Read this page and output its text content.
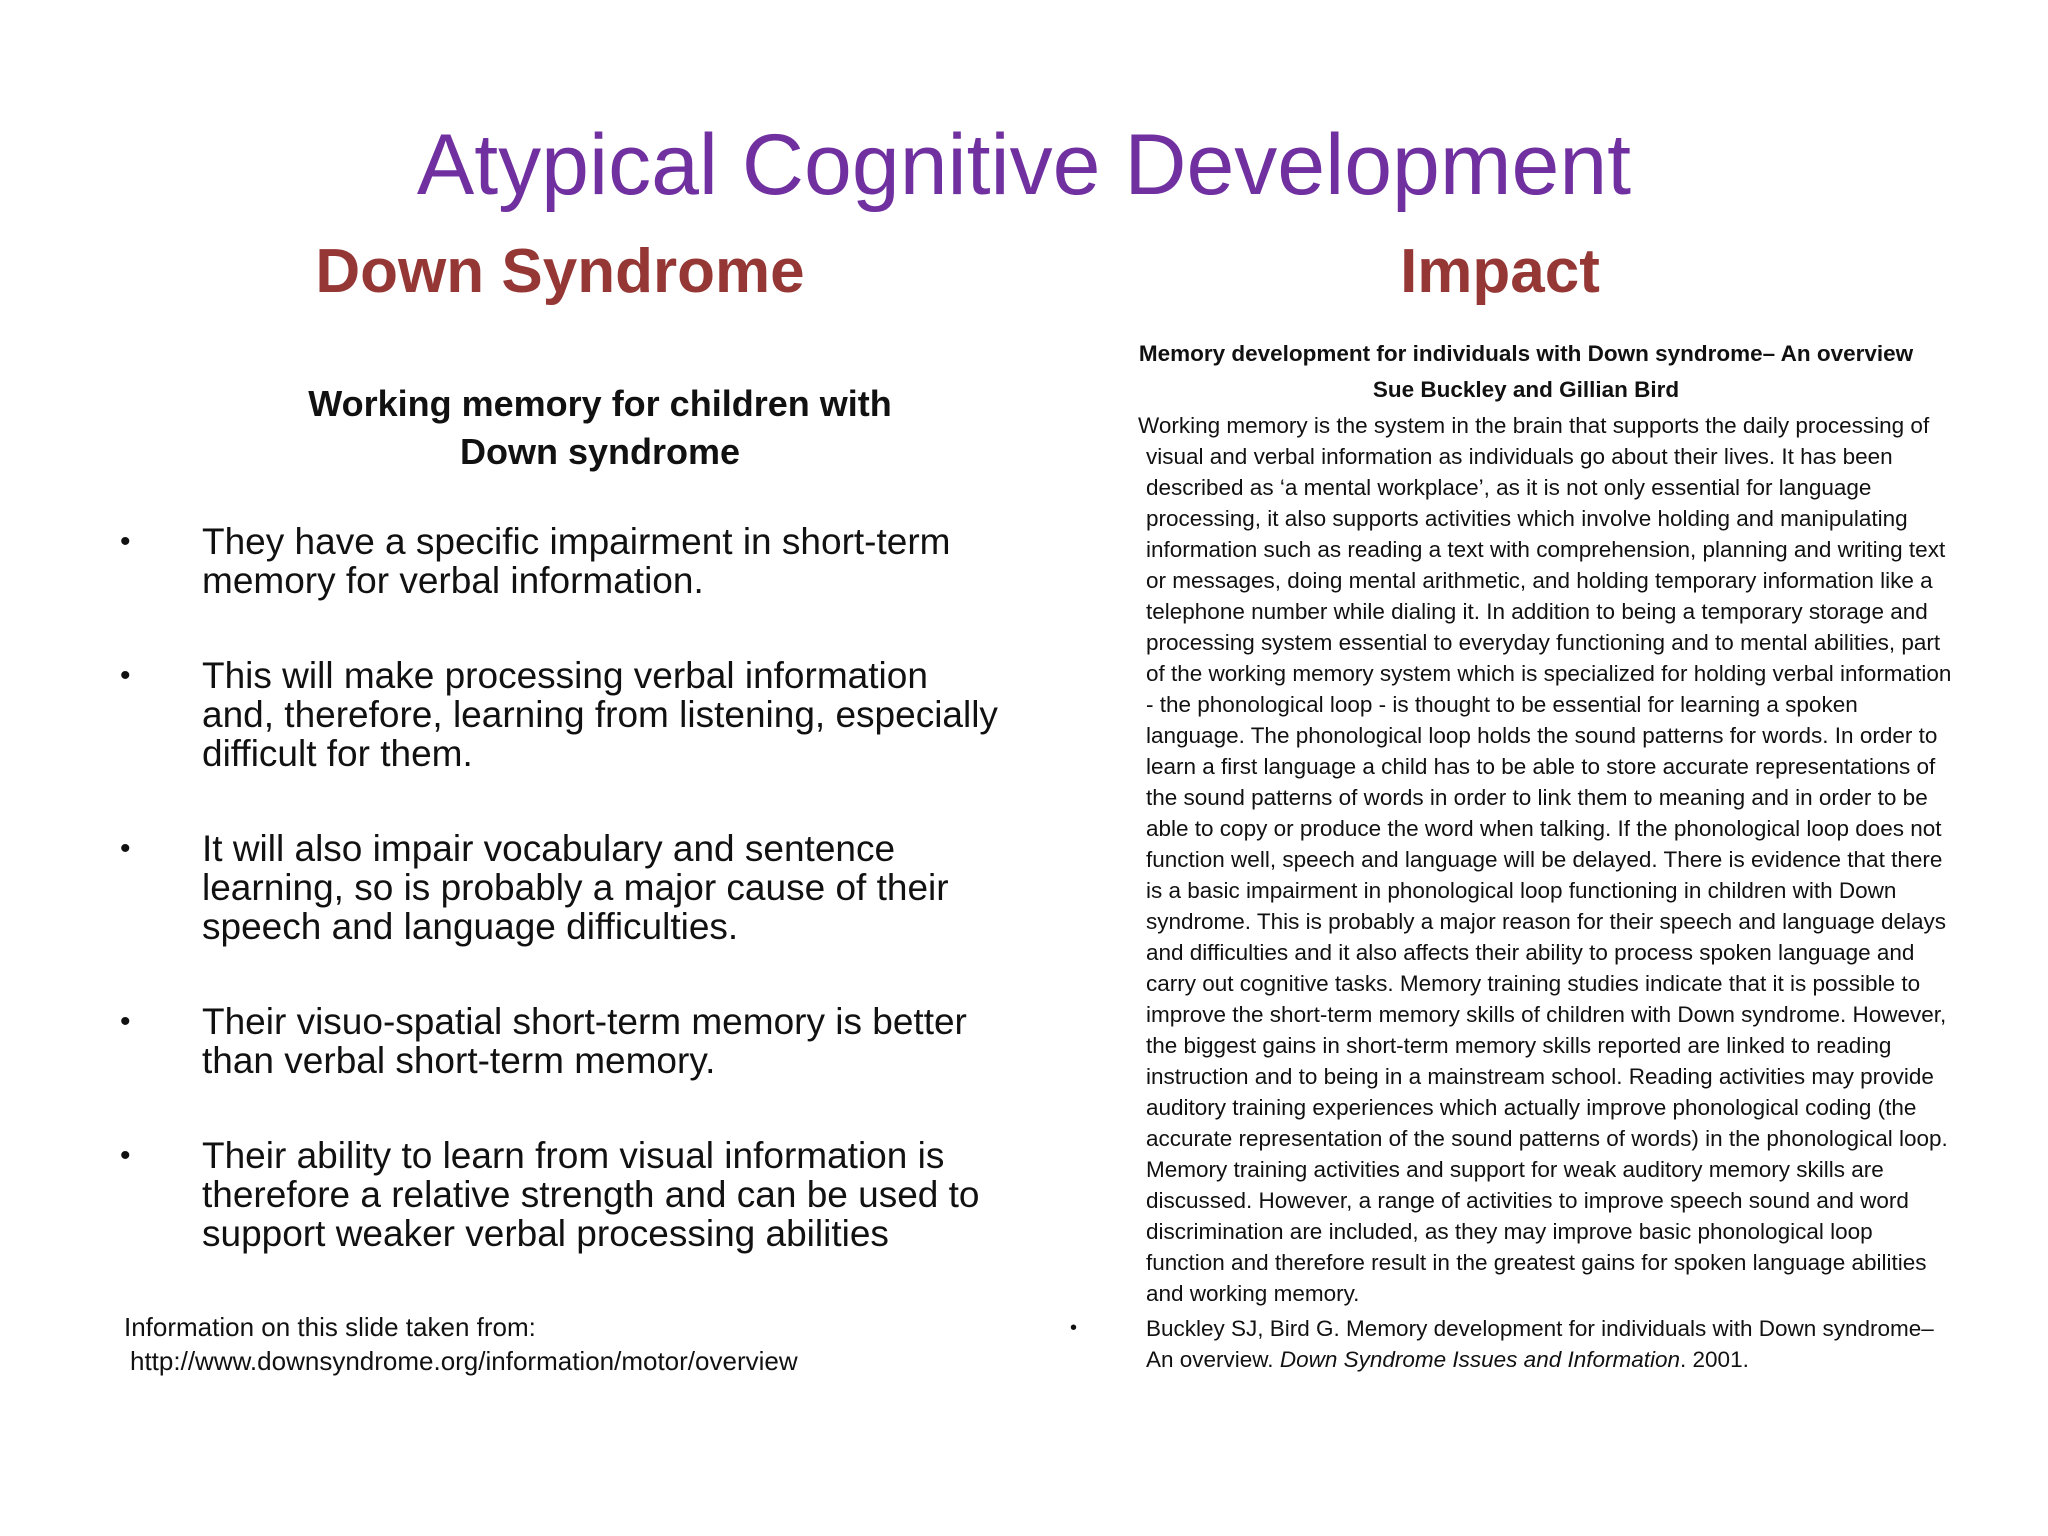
Atypical Cognitive Development
Down Syndrome	Impact
Working memory for children with
Down syndrome
• They have a specific impairment in short-term memory for verbal information.
• This will make processing verbal information and, therefore, learning from listening, especially difficult for them.
• It will also impair vocabulary and sentence learning, so is probably a major cause of their speech and language difficulties.
• Their visuo-spatial short-term memory is better than verbal short-term memory.
• Their ability to learn from visual information is therefore a relative strength and can be used to support weaker verbal processing abilities
Information on this slide taken from:
http://www.downsyndrome.org/information/motor/overview
Memory development for individuals with Down syndrome– An overview
Sue Buckley and Gillian Bird
Working memory is the system in the brain that supports the daily processing of visual and verbal information as individuals go about their lives. It has been described as ‘a mental workplace’, as it is not only essential for language processing, it also supports activities which involve holding and manipulating information such as reading a text with comprehension, planning and writing text or messages, doing mental arithmetic, and holding temporary information like a telephone number while dialing it. In addition to being a temporary storage and processing system essential to everyday functioning and to mental abilities, part of the working memory system which is specialized for holding verbal information - the phonological loop - is thought to be essential for learning a spoken language. The phonological loop holds the sound patterns for words. In order to learn a first language a child has to be able to store accurate representations of the sound patterns of words in order to link them to meaning and in order to be able to copy or produce the word when talking. If the phonological loop does not function well, speech and language will be delayed. There is evidence that there is a basic impairment in phonological loop functioning in children with Down syndrome. This is probably a major reason for their speech and language delays and difficulties and it also affects their ability to process spoken language and carry out cognitive tasks. Memory training studies indicate that it is possible to improve the short-term memory skills of children with Down syndrome. However, the biggest gains in short-term memory skills reported are linked to reading instruction and to being in a mainstream school. Reading activities may provide auditory training experiences which actually improve phonological coding (the accurate representation of the sound patterns of words) in the phonological loop. Memory training activities and support for weak auditory memory skills are discussed. However, a range of activities to improve speech sound and word discrimination are included, as they may improve basic phonological loop function and therefore result in the greatest gains for spoken language abilities and working memory.
•	Buckley SJ, Bird G. Memory development for individuals with Down syndrome– An overview. Down Syndrome Issues and Information. 2001.
